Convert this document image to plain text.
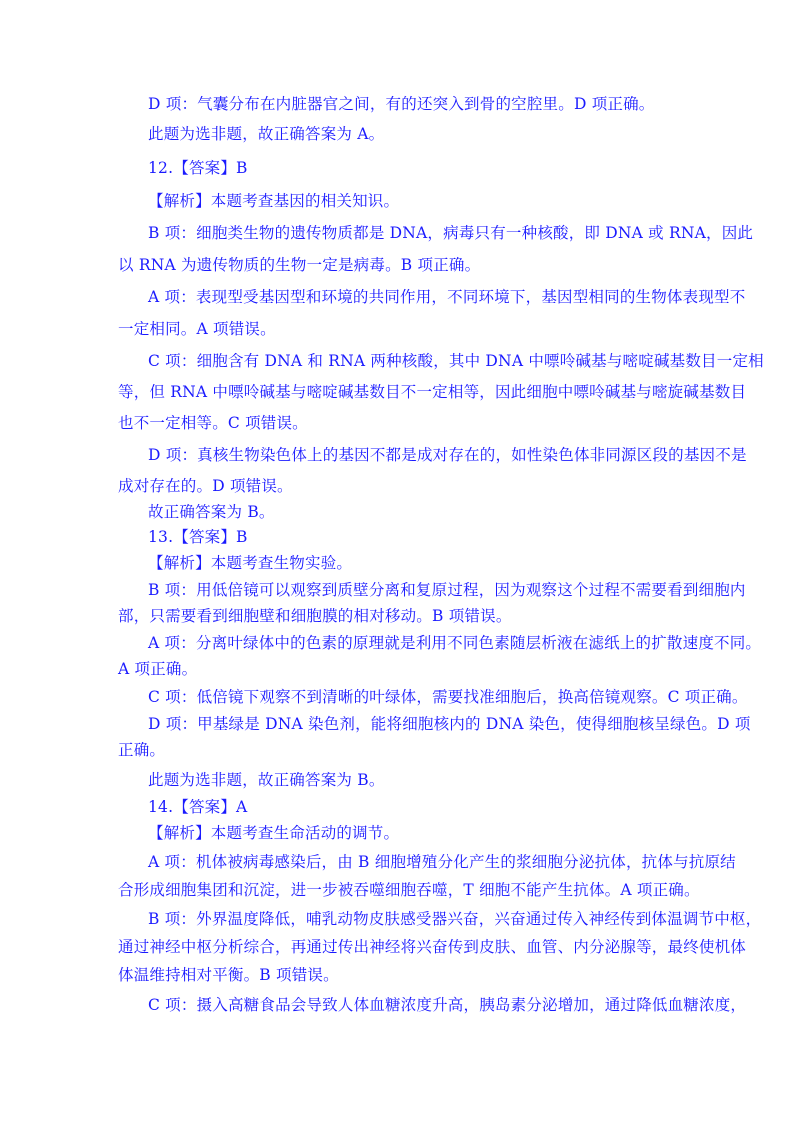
D 项：气囊分布在内脏器官之间，有的还突入到骨的空腔里。D 项正确。
此题为选非题，故正确答案为 A。
12.【答案】B
【解析】本题考查基因的相关知识。
B 项：细胞类生物的遗传物质都是 DNA，病毒只有一种核酸，即 DNA 或 RNA，因此
以 RNA 为遗传物质的生物一定是病毒。B 项正确。
A 项：表现型受基因型和环境的共同作用，不同环境下，基因型相同的生物体表现型不
一定相同。A 项错误。
C 项：细胞含有 DNA 和 RNA 两种核酸，其中 DNA 中嘌呤碱基与嘧啶碱基数目一定相
等，但 RNA 中嘌呤碱基与嘧啶碱基数目不一定相等，因此细胞中嘌呤碱基与嘧旋碱基数目
也不一定相等。C 项错误。
D 项：真核生物染色体上的基因不都是成对存在的，如性染色体非同源区段的基因不是
成对存在的。D 项错误。
故正确答案为 B。
13.【答案】B
【解析】本题考查生物实验。
B 项：用低倍镜可以观察到质壁分离和复原过程，因为观察这个过程不需要看到细胞内
部，只需要看到细胞壁和细胞膜的相对移动。B 项错误。
A 项：分离叶绿体中的色素的原理就是利用不同色素随层析液在滤纸上的扩散速度不同。
A 项正确。
C 项：低倍镜下观察不到清晰的叶绿体，需要找准细胞后，换高倍镜观察。C 项正确。
D 项：甲基绿是 DNA 染色剂，能将细胞核内的 DNA 染色，使得细胞核呈绿色。D 项
正确。
此题为选非题，故正确答案为 B。
14.【答案】A
【解析】本题考查生命活动的调节。
A 项：机体被病毒感染后，由 B 细胞增殖分化产生的浆细胞分泌抗体，抗体与抗原结
合形成细胞集团和沉淀，进一步被吞噬细胞吞噬，T 细胞不能产生抗体。A 项正确。
B 项：外界温度降低，哺乳动物皮肤感受器兴奋，兴奋通过传入神经传到体温调节中枢，
通过神经中枢分析综合，再通过传出神经将兴奋传到皮肤、血管、内分泌腺等，最终使机体
体温维持相对平衡。B 项错误。
C 项：摄入高糖食品会导致人体血糖浓度升高，胰岛素分泌增加，通过降低血糖浓度，
